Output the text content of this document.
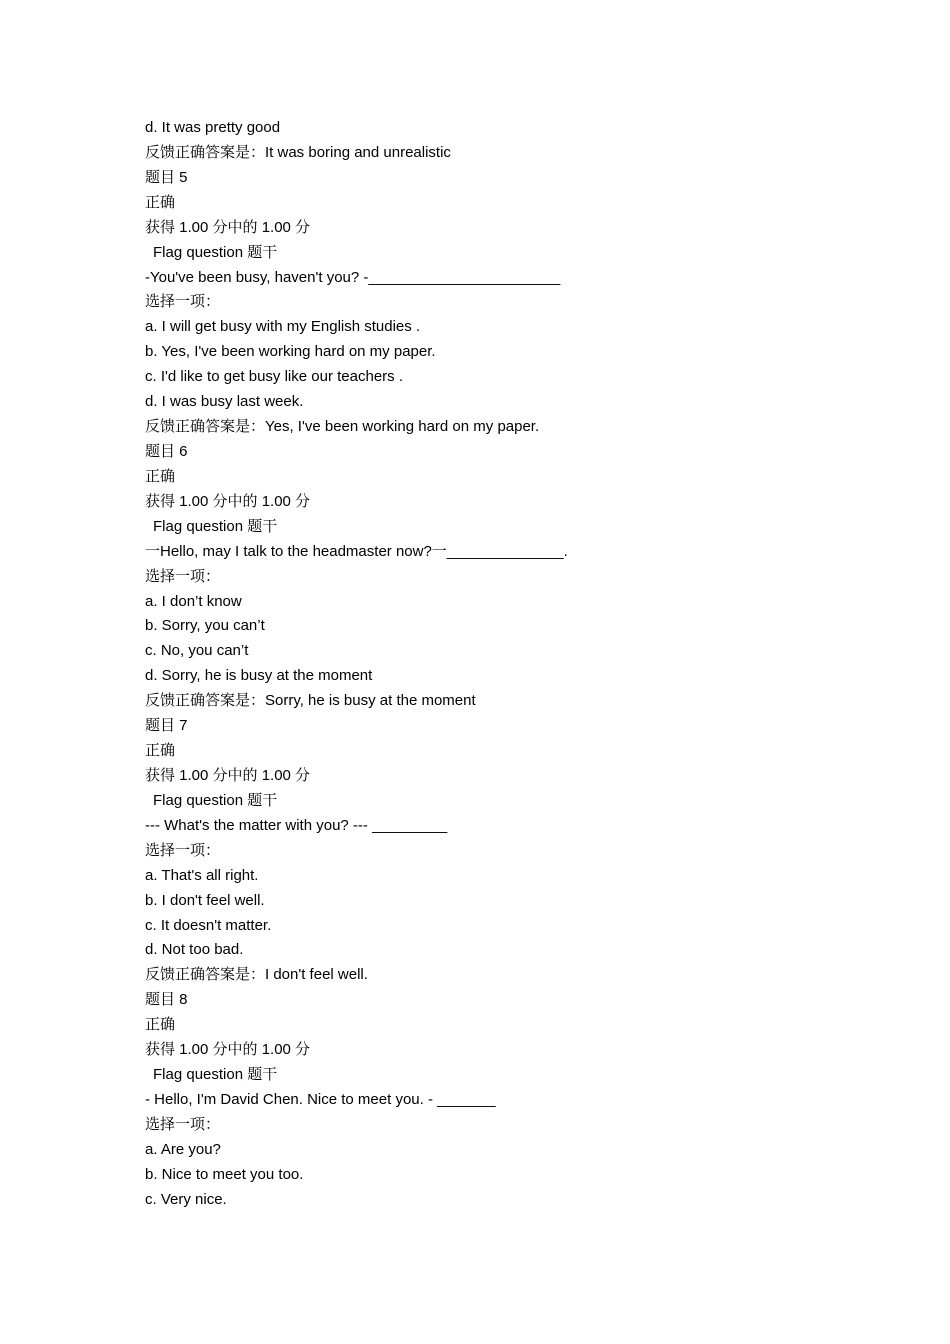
d. It was pretty good
反馈正确答案是：It was boring and unrealistic
题目 5
正确
获得 1.00 分中的 1.00 分
Flag question 题干
-You've been busy, haven't you? -_______________________
选择一项：
a. I will get busy with my English studies .
b. Yes, I've been working hard on my paper.
c. I'd like to get busy like our teachers .
d. I was busy last week.
反馈正确答案是：Yes, I've been working hard on my paper.
题目 6
正确
获得 1.00 分中的 1.00 分
Flag question 题干
一Hello, may I talk to the headmaster now?一______________.
选择一项：
a. I don’t know
b. Sorry, you can’t
c. No, you can’t
d. Sorry, he is busy at the moment
反馈正确答案是：Sorry, he is busy at the moment
题目 7
正确
获得 1.00 分中的 1.00 分
Flag question 题干
--- What's the matter with you? --- _________
选择一项：
a. That's all right.
b. I don't feel well.
c. It doesn't matter.
d. Not too bad.
反馈正确答案是：I don't feel well.
题目 8
正确
获得 1.00 分中的 1.00 分
Flag question 题干
- Hello, I'm David Chen. Nice to meet you. - _______
选择一项：
a. Are you?
b. Nice to meet you too.
c. Very nice.
